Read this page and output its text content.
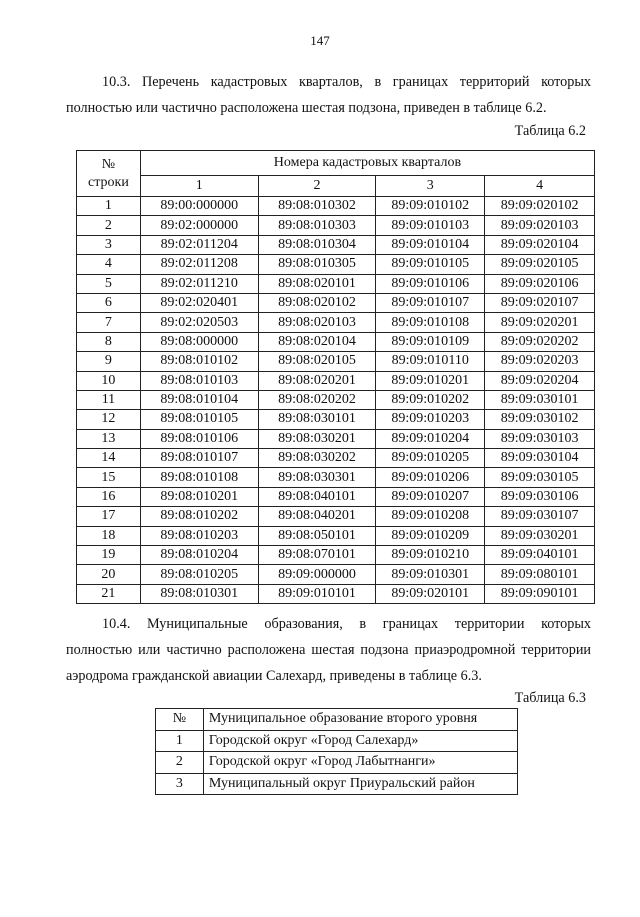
147
10.3. Перечень кадастровых кварталов, в границах территорий которых
полностью или частично расположена шестая подзона, приведен в таблице 6.2.
Таблица 6.2
№
строки	Номера кадастровых кварталов			
	1	2	3	4
1	89:00:000000	89:08:010302	89:09:010102	89:09:020102
2	89:02:000000	89:08:010303	89:09:010103	89:09:020103
3	89:02:011204	89:08:010304	89:09:010104	89:09:020104
4	89:02:011208	89:08:010305	89:09:010105	89:09:020105
5	89:02:011210	89:08:020101	89:09:010106	89:09:020106
6	89:02:020401	89:08:020102	89:09:010107	89:09:020107
7	89:02:020503	89:08:020103	89:09:010108	89:09:020201
8	89:08:000000	89:08:020104	89:09:010109	89:09:020202
9	89:08:010102	89:08:020105	89:09:010110	89:09:020203
10	89:08:010103	89:08:020201	89:09:010201	89:09:020204
11	89:08:010104	89:08:020202	89:09:010202	89:09:030101
12	89:08:010105	89:08:030101	89:09:010203	89:09:030102
13	89:08:010106	89:08:030201	89:09:010204	89:09:030103
14	89:08:010107	89:08:030202	89:09:010205	89:09:030104
15	89:08:010108	89:08:030301	89:09:010206	89:09:030105
16	89:08:010201	89:08:040101	89:09:010207	89:09:030106
17	89:08:010202	89:08:040201	89:09:010208	89:09:030107
18	89:08:010203	89:08:050101	89:09:010209	89:09:030201
19	89:08:010204	89:08:070101	89:09:010210	89:09:040101
20	89:08:010205	89:09:000000	89:09:010301	89:09:080101
21	89:08:010301	89:09:010101	89:09:020101	89:09:090101
10.4. Муниципальные образования, в границах территории которых
полностью или частично расположена шестая подзона приаэродромной территории
аэродрома гражданской авиации Салехард, приведены в таблице 6.3.
Таблица 6.3
№	Муниципальное образование второго уровня
1	Городской округ «Город Салехард»
2	Городской округ «Город Лабытнанги»
3	Муниципальный округ Приуральский район
